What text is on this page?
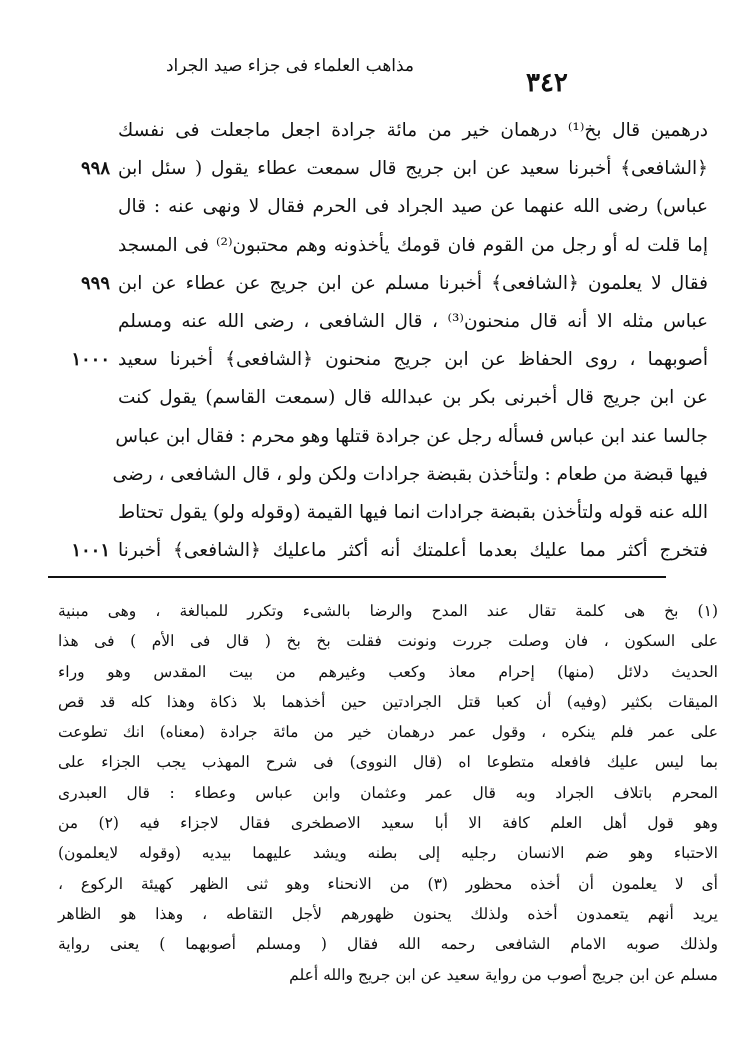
مذاهب العلماء فى جزاء صيد الجراد
٣٤٢
درهمين قال بخ⁽¹⁾ درهمان خير من مائة جرادة اجعل ماجعلت فى نفسك
٩٩٨ ﴿الشافعى﴾ أخبرنا سعيد عن ابن جريج قال سمعت عطاء يقول ( سئل ابن
عباس) رضى الله عنهما عن صيد الجراد فى الحرم فقال لا ونهى عنه : قال
إما قلت له أو رجل من القوم فان قومك يأخذونه وهم محتبون⁽²⁾ فى المسجد
٩٩٩ فقال لا يعلمون ﴿الشافعى﴾ أخبرنا مسلم عن ابن جريج عن عطاء عن ابن
عباس مثله الا أنه قال منحنون⁽³⁾ ، قال الشافعى ، رضى الله عنه ومسلم
١٠٠٠ أصوبهما ، روى الحفاظ عن ابن جريج منحنون ﴿الشافعى﴾ أخبرنا سعيد
عن ابن جريج قال أخبرنى بكر بن عبدالله قال (سمعت القاسم) يقول كنت
جالسا عند ابن عباس فسأله رجل عن جرادة قتلها وهو محرم : فقال ابن عباس
فيها قبضة من طعام : ولتأخذن بقبضة جرادات ولكن ولو ، قال الشافعى ، رضى
الله عنه قوله ولتأخذن بقبضة جرادات انما فيها القيمة (وقوله ولو) يقول تحتاط
١٠٠١ فتخرج أكثر مما عليك بعدما أعلمتك أنه أكثر ماعليك ﴿الشافعى﴾ أخبرنا
(١) بخ هى كلمة تقال عند المدح والرضا بالشىء وتكرر للمبالغة ، وهى مبنية
على السكون ، فان وصلت جررت ونونت فقلت بخ بخ ( قال فى الأم ) فى هذا
الحديث دلائل (منها) إحرام معاذ وكعب وغيرهم من بيت المقدس وهو وراء
الميقات بكثير (وفيه) أن كعبا قتل الجرادتين حين أخذهما بلا ذكاة وهذا كله قد قص
على عمر فلم ينكره ، وقول عمر درهمان خير من مائة جرادة (معناه) انك تطوعت
بما ليس عليك فافعله متطوعا اه (قال النووى) فى شرح المهذب يجب الجزاء على
المحرم باتلاف الجراد وبه قال عمر وعثمان وابن عباس وعطاء : قال العبدرى
وهو قول أهل العلم كافة الا أبا سعيد الاصطخرى فقال لاجزاء فيه (٢) من
الاحتباء وهو ضم الانسان رجليه إلى بطنه ويشد عليهما بيديه (وقوله لايعلمون)
أى لا يعلمون أن أخذه محظور (٣) من الانحناء وهو ثنى الظهر كهيئة الركوع ،
يريد أنهم يتعمدون أخذه ولذلك يحنون ظهورهم لأجل التقاطه ، وهذا هو الظاهر
ولذلك صوبه الامام الشافعى رحمه الله فقال ( ومسلم أصوبهما ) يعنى رواية
مسلم عن ابن جريج أصوب من رواية سعيد عن ابن جريج والله أعلم
